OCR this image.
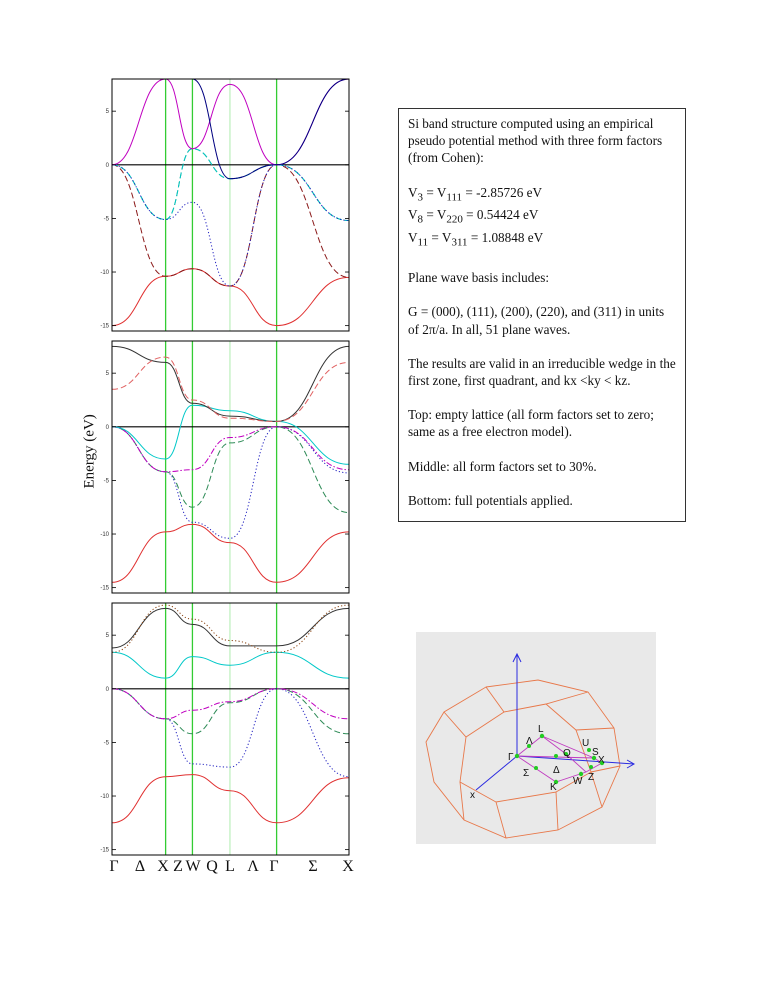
5
0
-5
-10
-15
5
0
-5
-10
-15
5
0
-5
-10
-15
Energy (eV)
Γ Δ X Z W Q L Λ Γ Σ X

Si band structure computed using an empirical pseudo potential method with three form factors (from Cohen):

$V_3 = V_{111} = -2.85726$ eV

$V_8 = V_{220} = 0.54424$ eV

$V_{11} = V_{311} = 1.08848$ eV

Plane wave basis includes:

G = (000), (111), (200), (220), and (311) in units of 2π/a. In all, 51 plane waves.

The results are valid in an irreducible wedge in the first zone, first quadrant, and kx <ky < kz.

Top: empty lattice (all form factors set to zero; same as a free electron model).

Middle: all form factors set to 30%.

Bottom: full potentials applied.

L
Λ
Γ	Q
U
S
X
Σ Δ
K
W Z
x
